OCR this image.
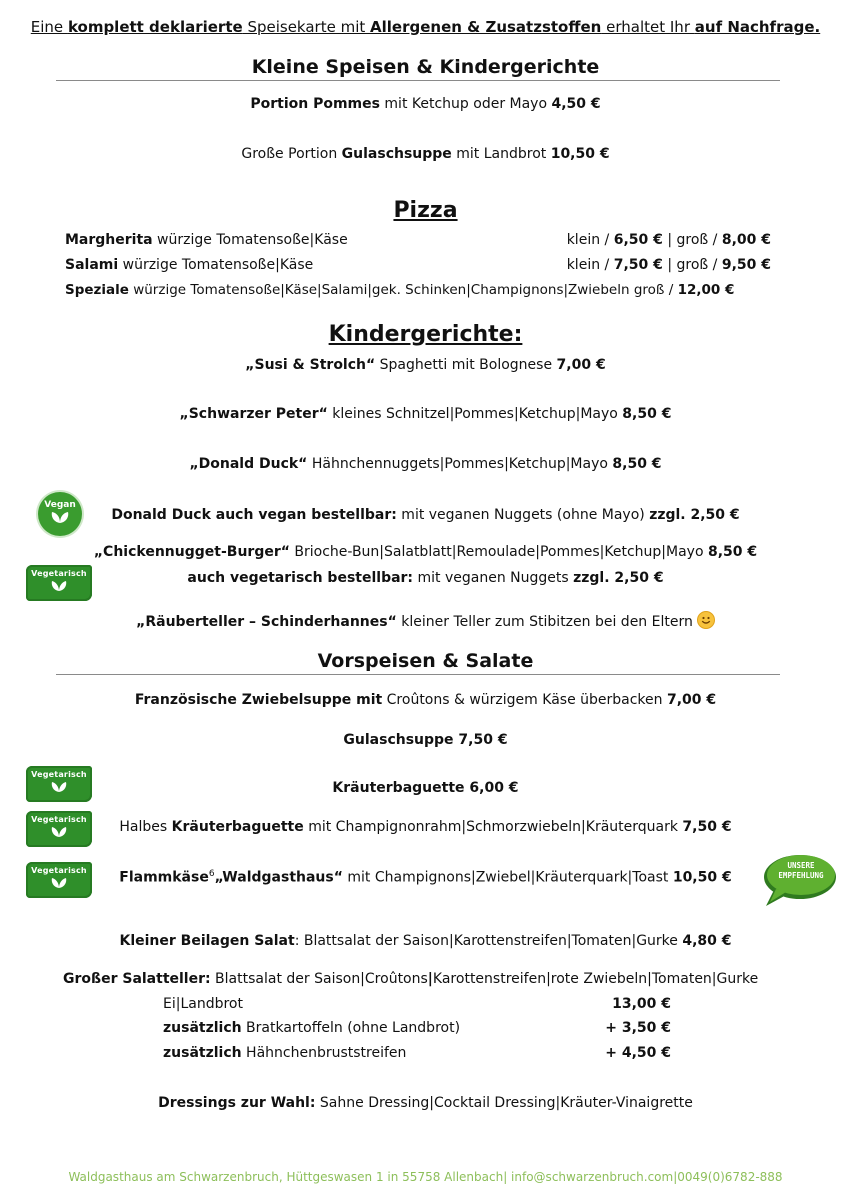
Eine komplett deklarierte Speisekarte mit Allergenen & Zusatzstoffen erhaltet Ihr auf Nachfrage.
Kleine Speisen & Kindergerichte
Portion Pommes mit Ketchup oder Mayo 4,50 €
Große Portion Gulaschsuppe mit Landbrot 10,50 €
Pizza
Margherita würzige Tomatensoße|Käse	klein / 6,50 € | groß / 8,00 €
Salami würzige Tomatensoße|Käse	klein / 7,50 € | groß / 9,50 €
Speziale würzige Tomatensoße|Käse|Salami|gek. Schinken|Champignons|Zwiebeln groß / 12,00 €
Kindergerichte:
„Susi & Strolch“ Spaghetti mit Bolognese 7,00 €
„Schwarzer Peter“ kleines Schnitzel|Pommes|Ketchup|Mayo 8,50 €
„Donald Duck“ Hähnchennuggets|Pommes|Ketchup|Mayo 8,50 €
Vegan
Donald Duck auch vegan bestellbar: mit veganen Nuggets (ohne Mayo) zzgl. 2,50 €
„Chickennugget-Burger“ Brioche-Bun|Salatblatt|Remoulade|Pommes|Ketchup|Mayo 8,50 €
Vegetarisch	auch vegetarisch bestellbar: mit veganen Nuggets zzgl. 2,50 €
„Räuberteller – Schinderhannes“ kleiner Teller zum Stibitzen bei den Eltern
Vorspeisen & Salate
Französische Zwiebelsuppe mit Croûtons & würzigem Käse überbacken 7,00 €
Gulaschsuppe 7,50 €
Vegetarisch
Kräuterbaguette 6,00 €
Vegetarisch	Halbes Kräuterbaguette mit Champignonrahm|Schmorzwiebeln|Kräuterquark 7,50 €
Vegetarisch	Flammkäse$^6$„Waldgasthaus“ mit Champignons|Zwiebel|Kräuterquark|Toast 10,50 €
UNSERE
EMPFEHLUNG
Kleiner Beilagen Salat: Blattsalat der Saison|Karottenstreifen|Tomaten|Gurke 4,80 €
Großer Salatteller: Blattsalat der Saison|Croûtons|Karottenstreifen|rote Zwiebeln|Tomaten|Gurke
Ei|Landbrot	13,00 €
zusätzlich Bratkartoffeln (ohne Landbrot)	+ 3,50 €
zusätzlich Hähnchenbruststreifen	+ 4,50 €
Dressings zur Wahl: Sahne Dressing|Cocktail Dressing|Kräuter-Vinaigrette
Waldgasthaus am Schwarzenbruch, Hüttgeswasen 1 in 55758 Allenbach| info@schwarzenbruch.com|0049(0)6782-888
